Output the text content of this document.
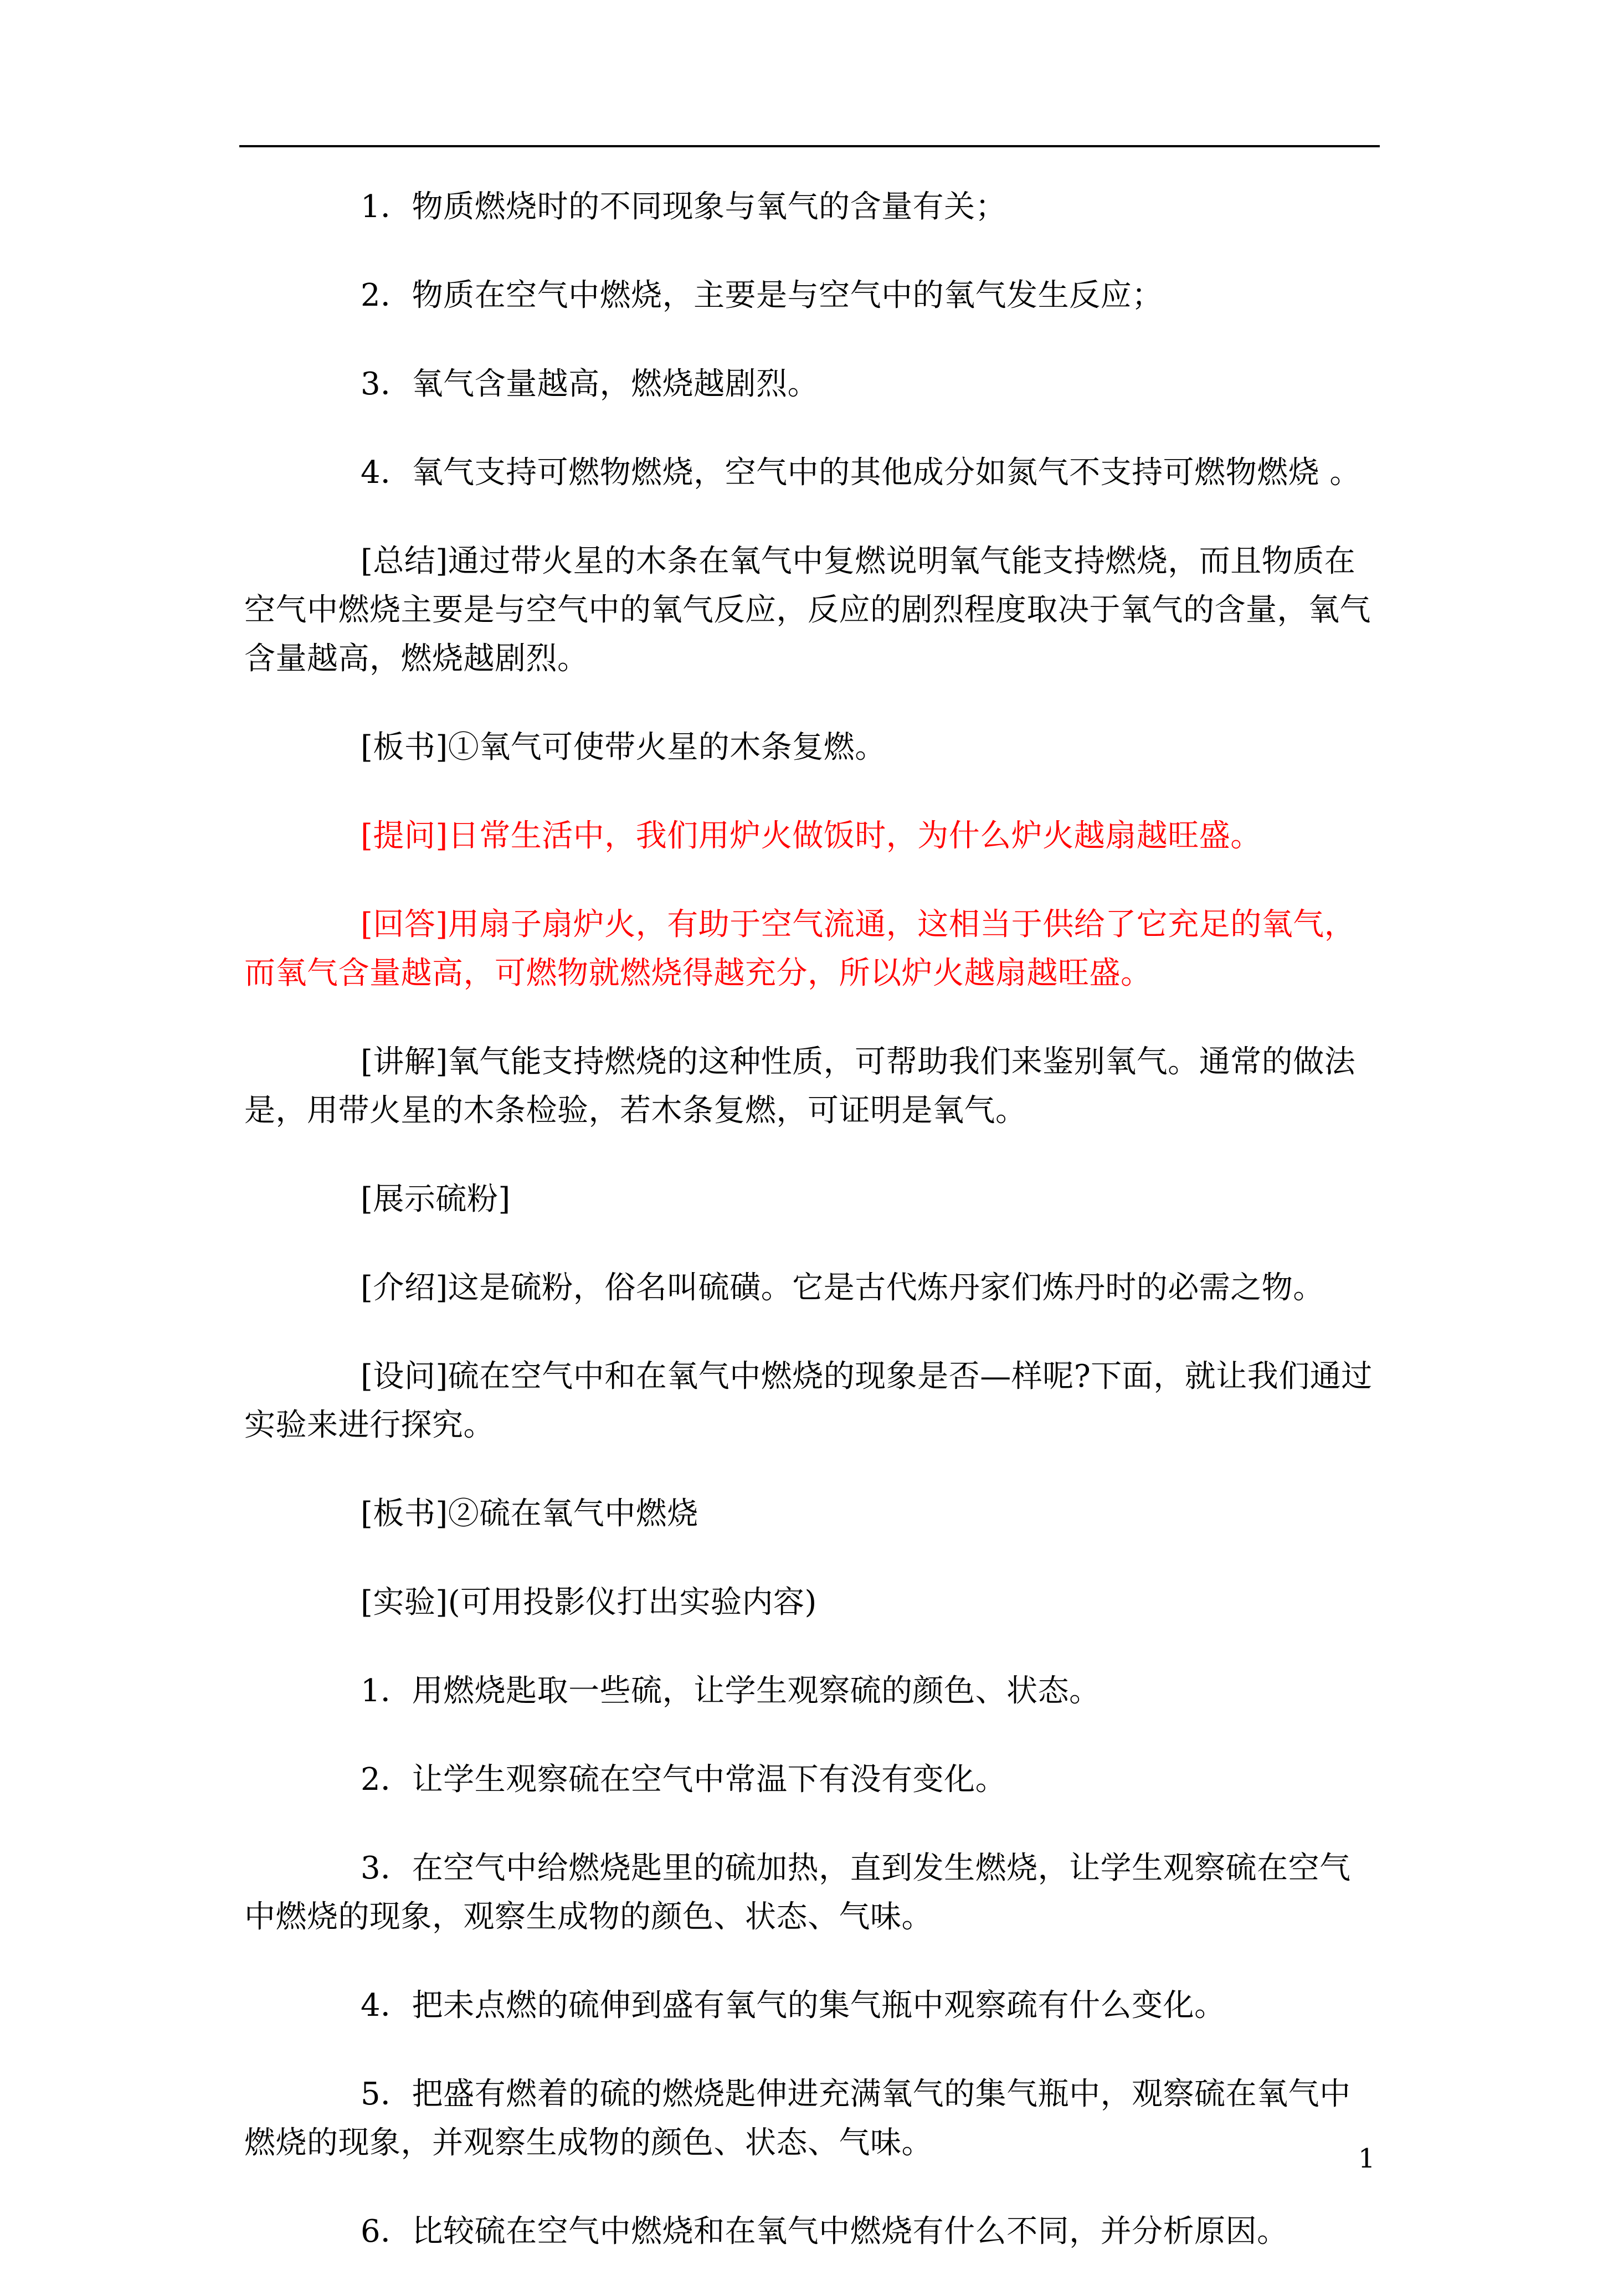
1．物质燃烧时的不同现象与氧气的含量有关；

2．物质在空气中燃烧，主要是与空气中的氧气发生反应；

3．氧气含量越高，燃烧越剧烈。

4．氧气支持可燃物燃烧，空气中的其他成分如氮气不支持可燃物燃烧 。

[总结]通过带火星的木条在氧气中复燃说明氧气能支持燃烧，而且物质在空气中燃烧主要是与空气中的氧气反应，反应的剧烈程度取决于氧气的含量，氧气含量越高，燃烧越剧烈。

[板书]①氧气可使带火星的木条复燃。

[提问]日常生活中，我们用炉火做饭时，为什么炉火越扇越旺盛。

[回答]用扇子扇炉火，有助于空气流通，这相当于供给了它充足的氧气，而氧气含量越高，可燃物就燃烧得越充分，所以炉火越扇越旺盛。

[讲解]氧气能支持燃烧的这种性质，可帮助我们来鉴别氧气。通常的做法是，用带火星的木条检验，若木条复燃，可证明是氧气。

[展示硫粉]

[介绍]这是硫粉，俗名叫硫磺。它是古代炼丹家们炼丹时的必需之物。

[设问]硫在空气中和在氧气中燃烧的现象是否—样呢?下面，就让我们通过实验来进行探究。

[板书]②硫在氧气中燃烧

[实验](可用投影仪打出实验内容)

1．用燃烧匙取一些硫，让学生观察硫的颜色、状态。

2．让学生观察硫在空气中常温下有没有变化。

3．在空气中给燃烧匙里的硫加热，直到发生燃烧，让学生观察硫在空气中燃烧的现象，观察生成物的颜色、状态、气味。

4．把未点燃的硫伸到盛有氧气的集气瓶中观察疏有什么变化。

5．把盛有燃着的硫的燃烧匙伸进充满氧气的集气瓶中，观察硫在氧气中燃烧的现象，并观察生成物的颜色、状态、气味。

6．比较硫在空气中燃烧和在氧气中燃烧有什么不同，并分析原因。

1
